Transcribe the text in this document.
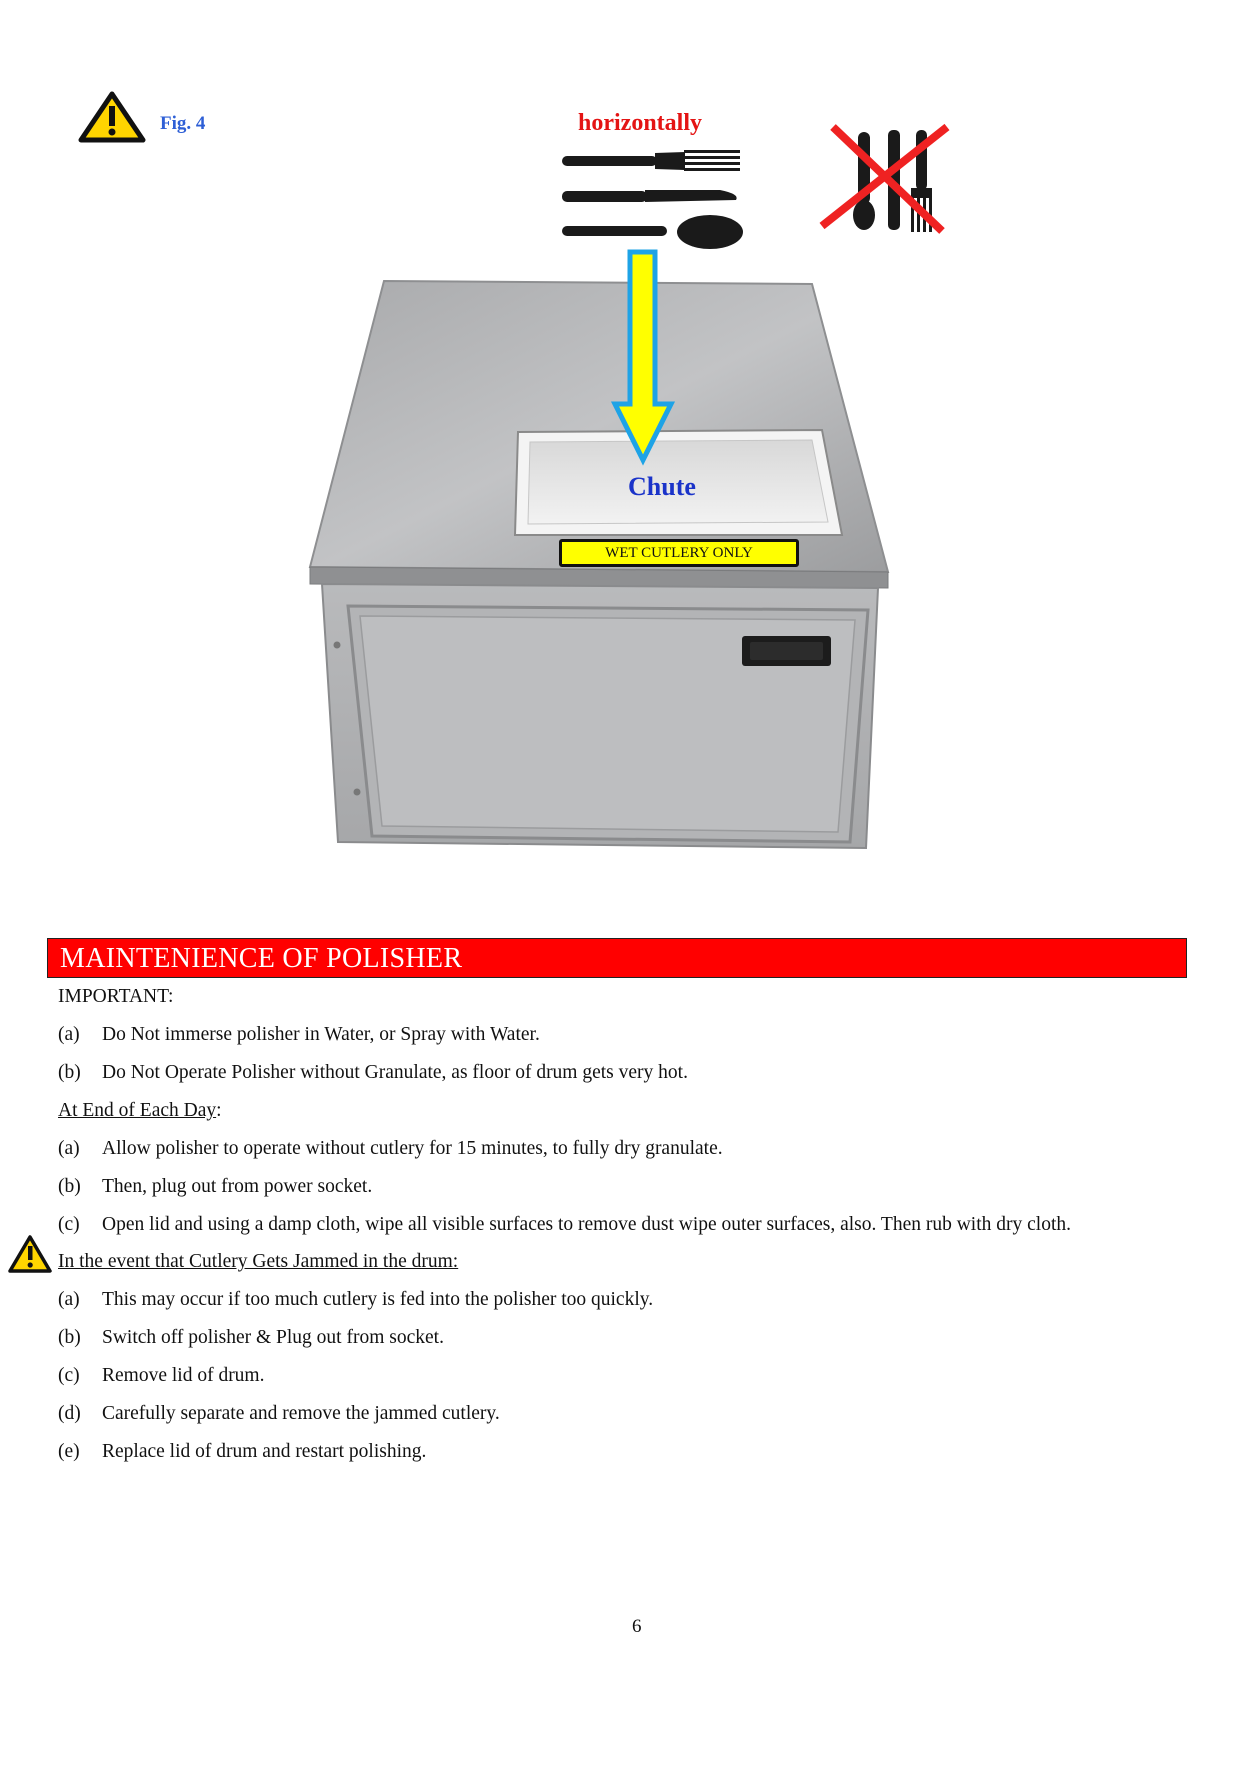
Fig. 4	horizontally
Chute
WET CUTLERY ONLY
MAINTENIENCE OF POLISHER
IMPORTANT:
(a) Do Not immerse polisher in Water, or Spray with Water.
(b) Do Not Operate Polisher without Granulate, as floor of drum gets very hot.
At End of Each Day:
(a) Allow polisher to operate without cutlery for 15 minutes, to fully dry granulate.
(b) Then, plug out from power socket.
(c) Open lid and using a damp cloth, wipe all visible surfaces to remove dust wipe outer surfaces, also. Then rub with dry cloth.
In the event that Cutlery Gets Jammed in the drum:
(a) This may occur if too much cutlery is fed into the polisher too quickly.
(b) Switch off polisher & Plug out from socket.
(c) Remove lid of drum.
(d) Carefully separate and remove the jammed cutlery.
(e) Replace lid of drum and restart polishing.
6
